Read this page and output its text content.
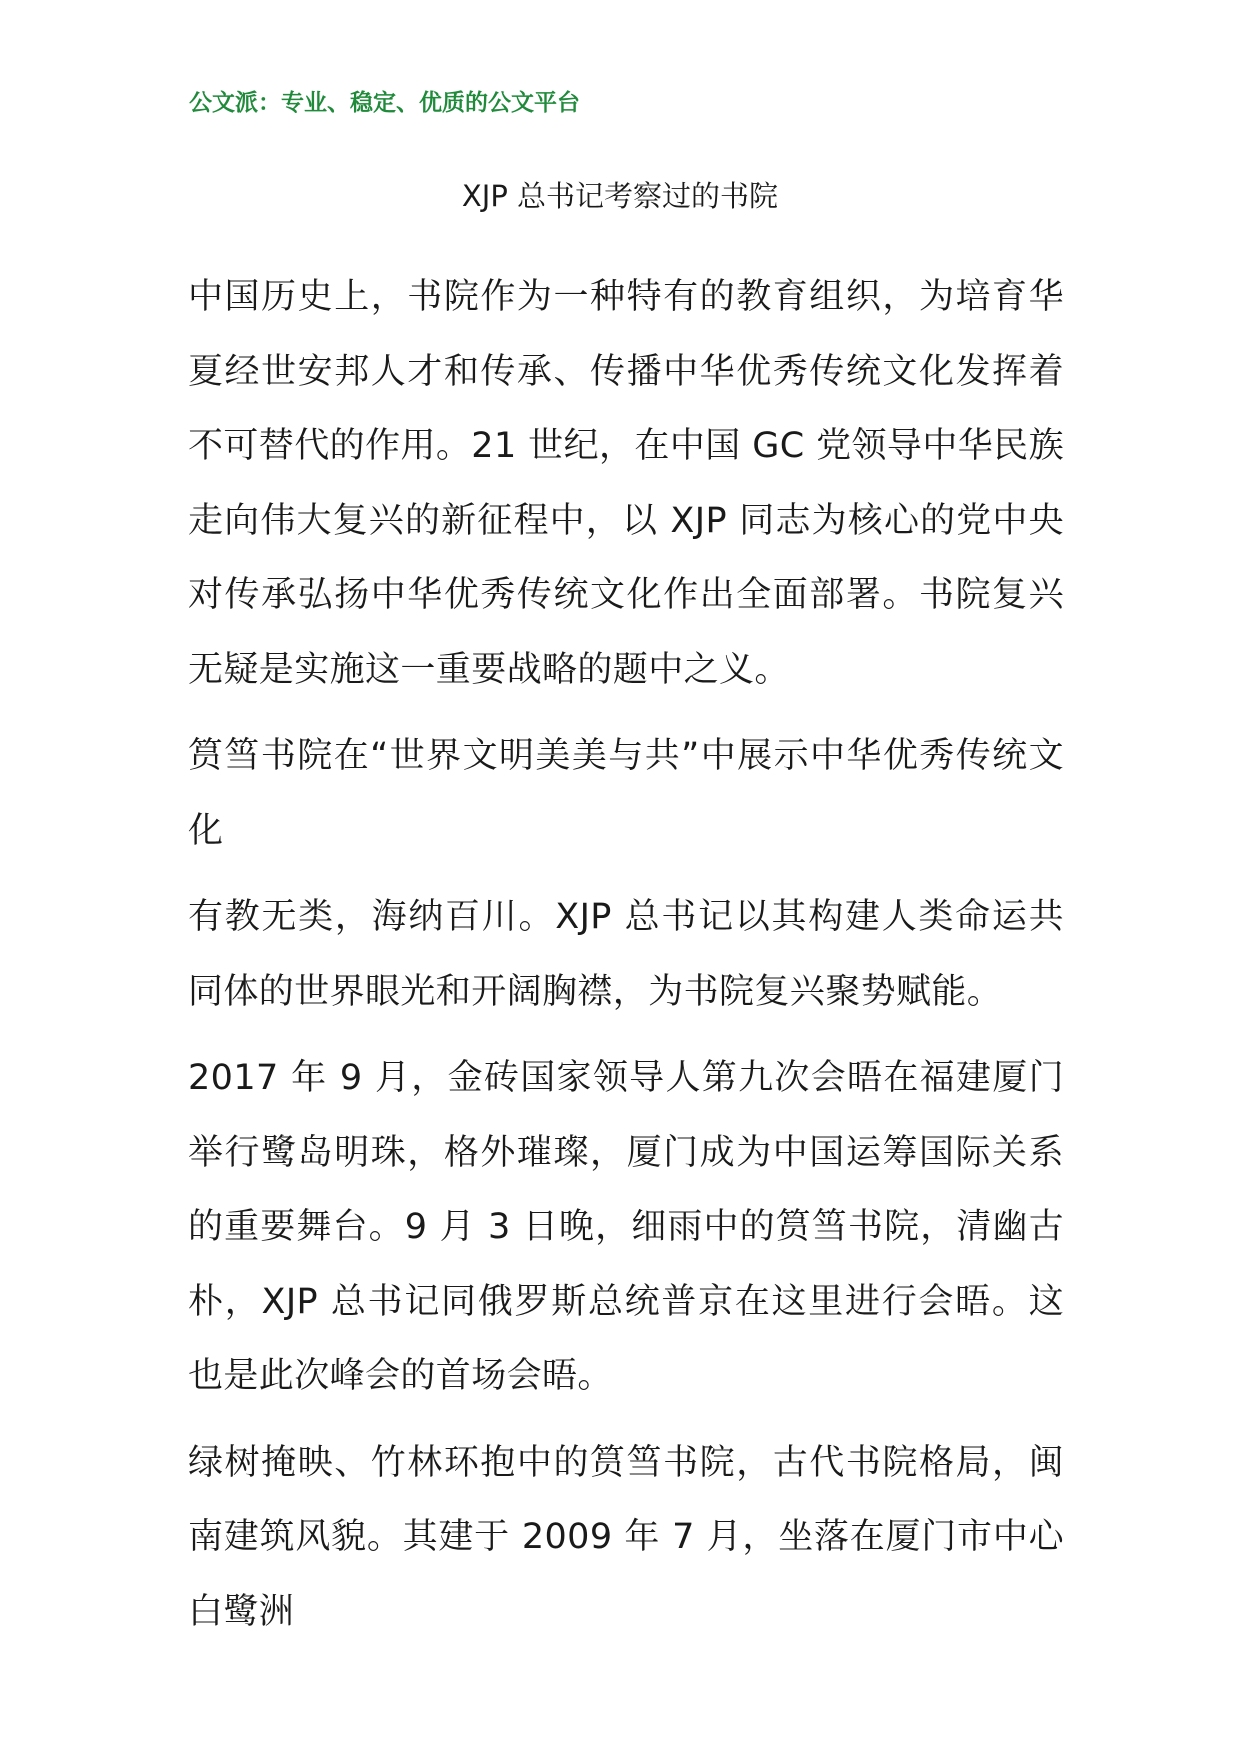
公文派：专业、稳定、优质的公文平台
XJP 总书记考察过的书院

中国历史上，书院作为一种特有的教育组织，为培育华夏经世安邦人才和传承、传播中华优秀传统文化发挥着不可替代的作用。21 世纪，在中国 GC 党领导中华民族走向伟大复兴的新征程中，以 XJP 同志为核心的党中央对传承弘扬中华优秀传统文化作出全面部署。书院复兴无疑是实施这一重要战略的题中之义。

筼筜书院在“世界文明美美与共”中展示中华优秀传统文化

有教无类，海纳百川。XJP 总书记以其构建人类命运共同体的世界眼光和开阔胸襟，为书院复兴聚势赋能。

2017 年 9 月，金砖国家领导人第九次会晤在福建厦门举行鹭岛明珠，格外璀璨，厦门成为中国运筹国际关系的重要舞台。9 月 3 日晚，细雨中的筼筜书院，清幽古朴，XJP 总书记同俄罗斯总统普京在这里进行会晤。这也是此次峰会的首场会晤。

绿树掩映、竹林环抱中的筼筜书院，古代书院格局，闽南建筑风貌。其建于 2009 年 7 月，坐落在厦门市中心白鹭洲
